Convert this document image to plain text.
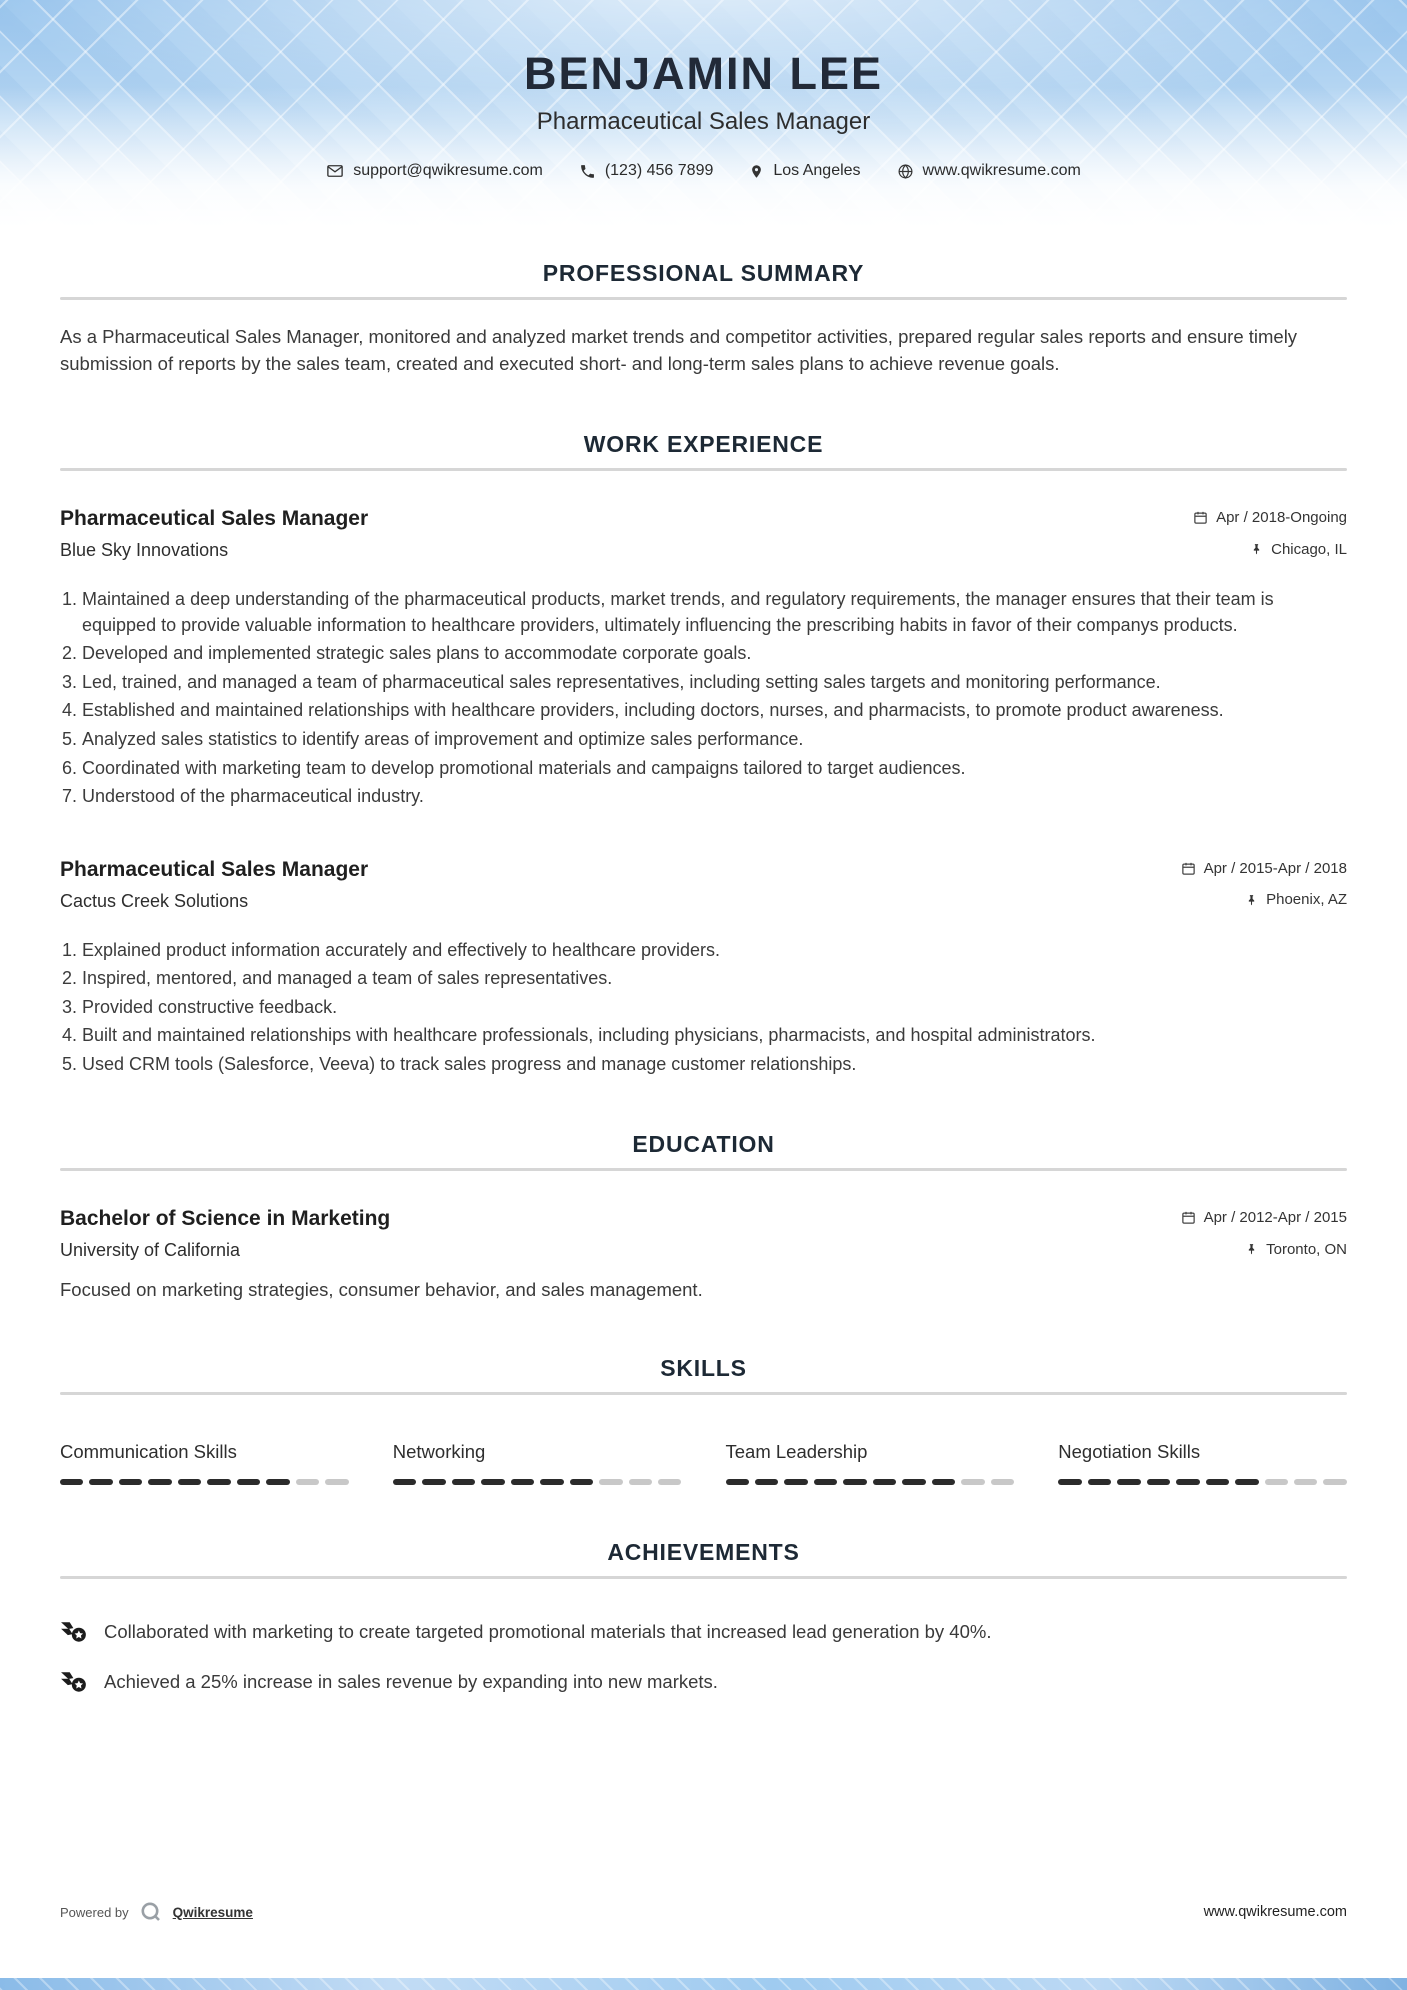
BENJAMIN LEE
Pharmaceutical Sales Manager
support@qwikresume.com	(123) 456 7899	Los Angeles	www.qwikresume.com
PROFESSIONAL SUMMARY

As a Pharmaceutical Sales Manager, monitored and analyzed market trends and competitor activities, prepared regular sales reports and ensure timely submission of reports by the sales team, created and executed short- and long-term sales plans to achieve revenue goals.

WORK EXPERIENCE
Pharmaceutical Sales Manager	Apr / 2018-Ongoing
Blue Sky Innovations	Chicago, IL
1. Maintained a deep understanding of the pharmaceutical products, market trends, and regulatory requirements, the manager ensures that their team is equipped to provide valuable information to healthcare providers, ultimately influencing the prescribing habits in favor of their companys products.
2. Developed and implemented strategic sales plans to accommodate corporate goals.
3. Led, trained, and managed a team of pharmaceutical sales representatives, including setting sales targets and monitoring performance.
4. Established and maintained relationships with healthcare providers, including doctors, nurses, and pharmacists, to promote product awareness.
5. Analyzed sales statistics to identify areas of improvement and optimize sales performance.
6. Coordinated with marketing team to develop promotional materials and campaigns tailored to target audiences.
7. Understood of the pharmaceutical industry.
Pharmaceutical Sales Manager	Apr / 2015-Apr / 2018
Cactus Creek Solutions	Phoenix, AZ
1. Explained product information accurately and effectively to healthcare providers.
2. Inspired, mentored, and managed a team of sales representatives.
3. Provided constructive feedback.
4. Built and maintained relationships with healthcare professionals, including physicians, pharmacists, and hospital administrators.
5. Used CRM tools (Salesforce, Veeva) to track sales progress and manage customer relationships.
EDUCATION
Bachelor of Science in Marketing	Apr / 2012-Apr / 2015
University of California	Toronto, ON

Focused on marketing strategies, consumer behavior, and sales management.

SKILLS
Communication Skills	Networking	Team Leadership	Negotiation Skills
ACHIEVEMENTS
Collaborated with marketing to create targeted promotional materials that increased lead generation by 40%.
Achieved a 25% increase in sales revenue by expanding into new markets.
Powered by	Qwikresume	www.qwikresume.com
